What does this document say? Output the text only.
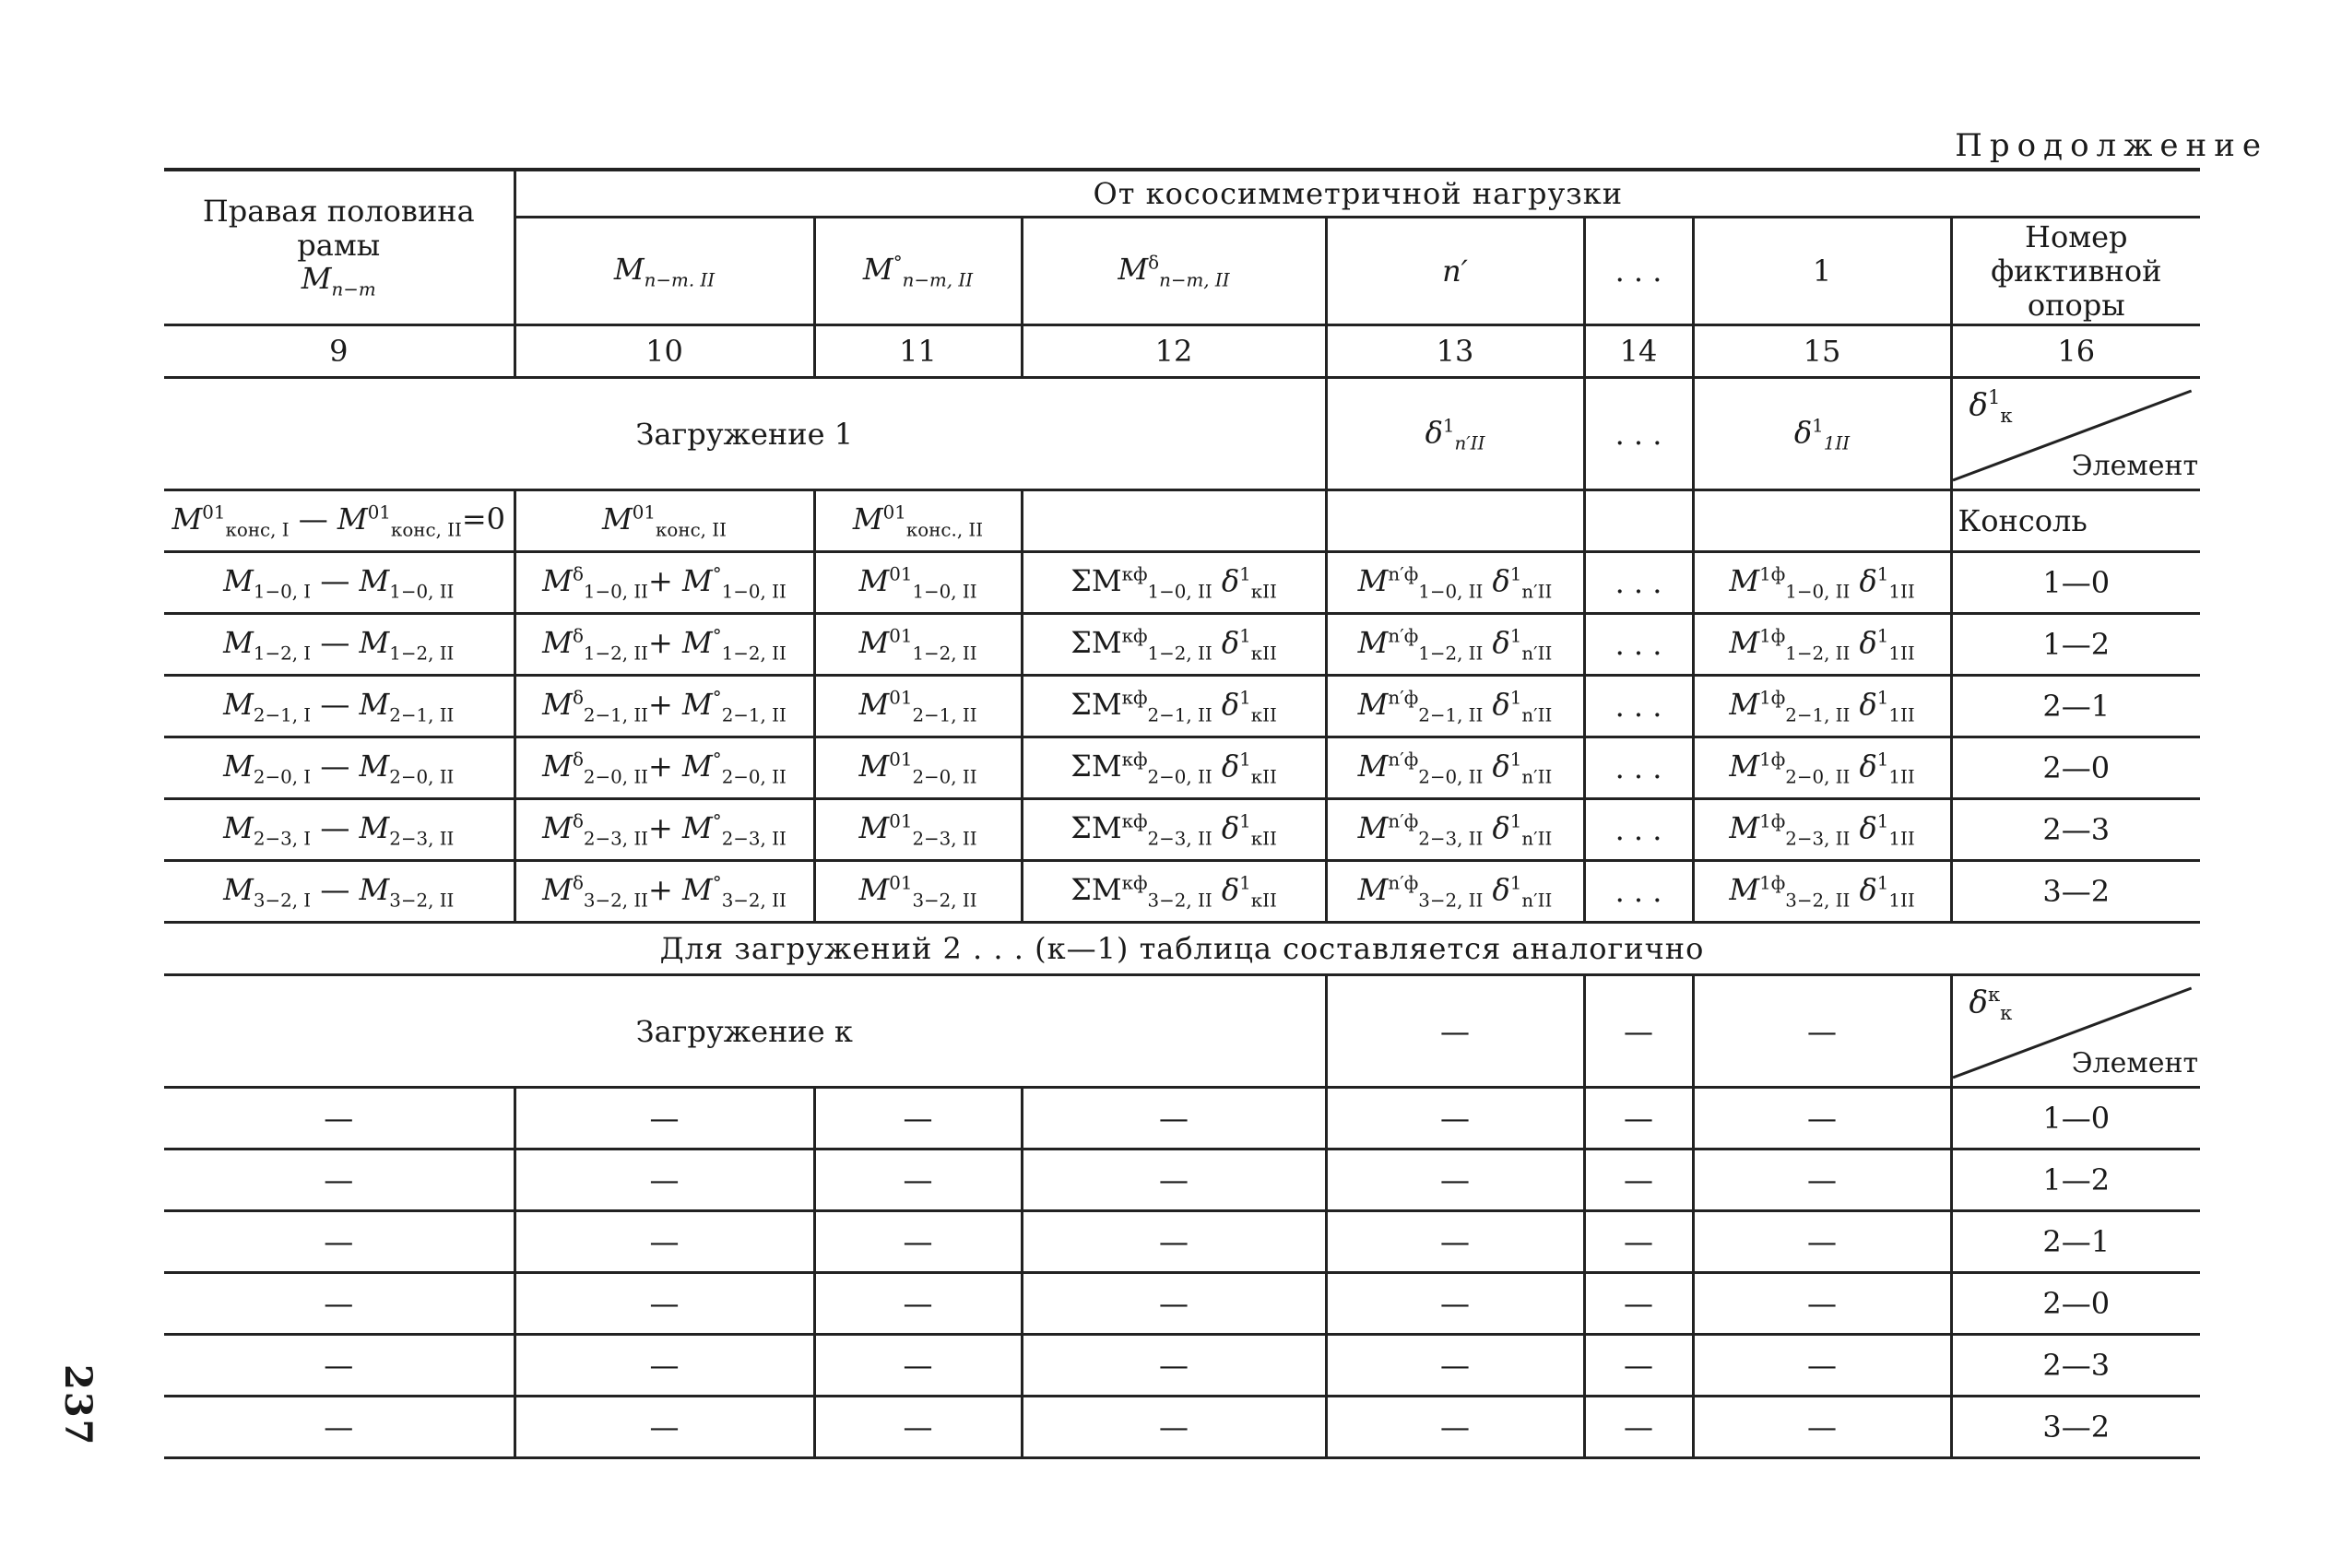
Продолжение
237
Правая половина рамы
$M_{n-m}$	От кососимметричной нагрузки						
	$M_{n-m. II}$	$M^\circ_{n-m, II}$	$M^\delta_{n-m, II}$	n′	. . .	1	Номер фиктивной опоры
9	10	11	12	13	14	15	16
Загружение 1				$\delta^1_{n'II}$	. . .	$\delta^1_{1II}$	$\delta^1_к$
Элемент

$M^{01}_{конс, I}$ — $M^{01}_{конс, II}=0$	$M^{01}_{конс, II}$	$M^{01}_{конс., II}$					Консоль
$M_{1-0, I}$ — $M_{1-0, II}$	$M^\delta_{1-0, II}+ M^\circ_{1-0, II}$	$M^{01}_{1-0, II}$	$\Sigma M^{кф}_{1-0, II}$ $\delta^1_{кII}$	$M^{n'ф}_{1-0, II}$ $\delta^1_{n'II}$	. . .	$M^{1ф}_{1-0, II}$ $\delta^1_{1II}$	1—0
$M_{1-2, I}$ — $M_{1-2, II}$	$M^\delta_{1-2, II}+ M^\circ_{1-2, II}$	$M^{01}_{1-2, II}$	$\Sigma M^{кф}_{1-2, II}$ $\delta^1_{кII}$	$M^{n'ф}_{1-2, II}$ $\delta^1_{n'II}$	. . .	$M^{1ф}_{1-2, II}$ $\delta^1_{1II}$	1—2
$M_{2-1, I}$ — $M_{2-1, II}$	$M^\delta_{2-1, II}+ M^\circ_{2-1, II}$	$M^{01}_{2-1, II}$	$\Sigma M^{кф}_{2-1, II}$ $\delta^1_{кII}$	$M^{n'ф}_{2-1, II}$ $\delta^1_{n'II}$	. . .	$M^{1ф}_{2-1, II}$ $\delta^1_{1II}$	2—1
$M_{2-0, I}$ — $M_{2-0, II}$	$M^\delta_{2-0, II}+ M^\circ_{2-0, II}$	$M^{01}_{2-0, II}$	$\Sigma M^{кф}_{2-0, II}$ $\delta^1_{кII}$	$M^{n'ф}_{2-0, II}$ $\delta^1_{n'II}$	. . .	$M^{1ф}_{2-0, II}$ $\delta^1_{1II}$	2—0
$M_{2-3, I}$ — $M_{2-3, II}$	$M^\delta_{2-3, II}+ M^\circ_{2-3, II}$	$M^{01}_{2-3, II}$	$\Sigma M^{кф}_{2-3, II}$ $\delta^1_{кII}$	$M^{n'ф}_{2-3, II}$ $\delta^1_{n'II}$	. . .	$M^{1ф}_{2-3, II}$ $\delta^1_{1II}$	2—3
$M_{3-2, I}$ — $M_{3-2, II}$	$M^\delta_{3-2, II}+ M^\circ_{3-2, II}$	$M^{01}_{3-2, II}$	$\Sigma M^{кф}_{3-2, II}$ $\delta^1_{кII}$	$M^{n'ф}_{3-2, II}$ $\delta^1_{n'II}$	. . .	$M^{1ф}_{3-2, II}$ $\delta^1_{1II}$	3—2
Для загружений 2 . . . (к—1) таблица составляется аналогично							
Загружение к				—	—	—	$\delta^к_к$
Элемент

—	—	—	—	—	—	—	1—0
—	—	—	—	—	—	—	1—2
—	—	—	—	—	—	—	2—1
—	—	—	—	—	—	—	2—0
—	—	—	—	—	—	—	2—3
—	—	—	—	—	—	—	3—2
